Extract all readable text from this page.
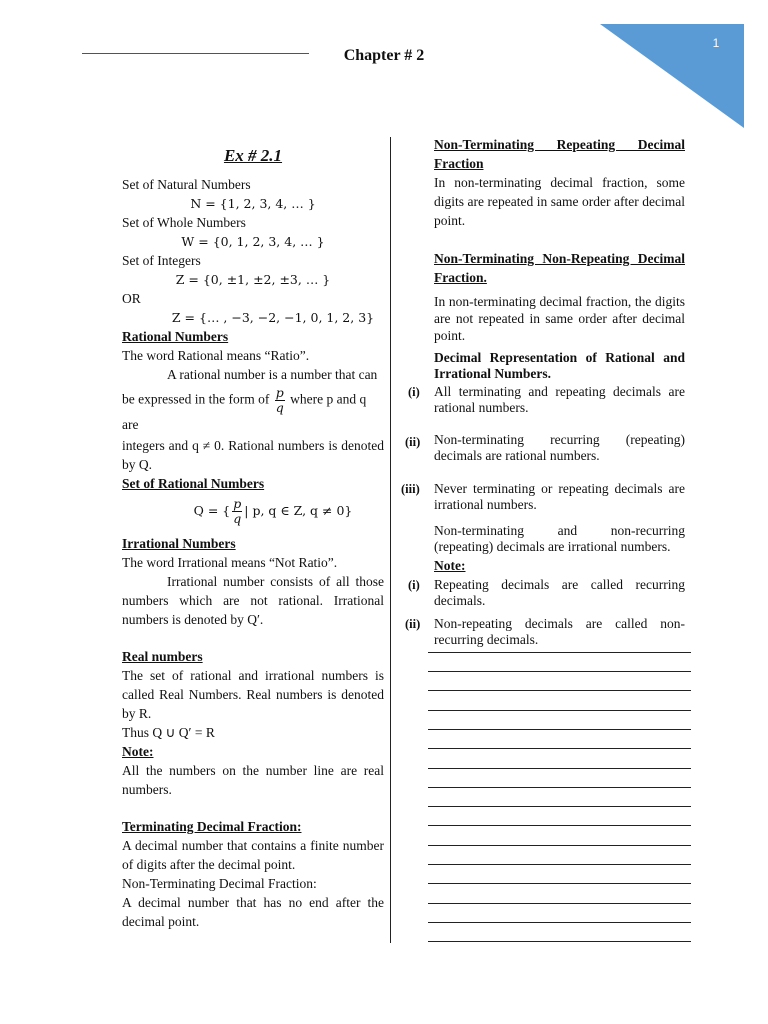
Chapter # 2
1
Ex # 2.1
Set of Natural Numbers
N = {1, 2, 3, 4, … }
Set of Whole Numbers
W = {0, 1, 2, 3, 4, … }
Set of Integers
Z = {0, ±1, ±2, ±3, … }
OR
Z = {… , −3, −2, −1, 0, 1, 2, 3}
Rational Numbers
The word Rational means “Ratio”.
A rational number is a number that can
be expressed in the form of $\frac{p}{q}$ where p and q are
integers and q ≠ 0. Rational numbers is denoted by Q.
Set of Rational Numbers
Q = { $\frac{p}{q}$ | p, q ∈ Z, q ≠ 0}
Irrational Numbers
The word Irrational means “Not Ratio”.
Irrational number consists of all those numbers which are not rational. Irrational numbers is denoted by Q′.
Real numbers
The set of rational and irrational numbers is called Real Numbers. Real numbers is denoted by R.
Thus Q ∪ Q′ = R
Note:
All the numbers on the number line are real numbers.
Terminating Decimal Fraction:
A decimal number that contains a finite number of digits after the decimal point.
Non-Terminating Decimal Fraction:
A decimal number that has no end after the decimal point.
Non-Terminating Repeating Decimal Fraction
In non-terminating decimal fraction, some digits are repeated in same order after decimal point.
Non-Terminating Non-Repeating Decimal Fraction.
In non-terminating decimal fraction, the digits are not repeated in same order after decimal point.
Decimal Representation of Rational and Irrational Numbers.
(i) All terminating and repeating decimals are rational numbers.
(ii) Non-terminating recurring (repeating) decimals are rational numbers.
(iii) Never terminating or repeating decimals are irrational numbers.
Non-terminating and non-recurring (repeating) decimals are irrational numbers.
Note:
(i) Repeating decimals are called recurring decimals.
(ii) Non-repeating decimals are called non-recurring decimals.
